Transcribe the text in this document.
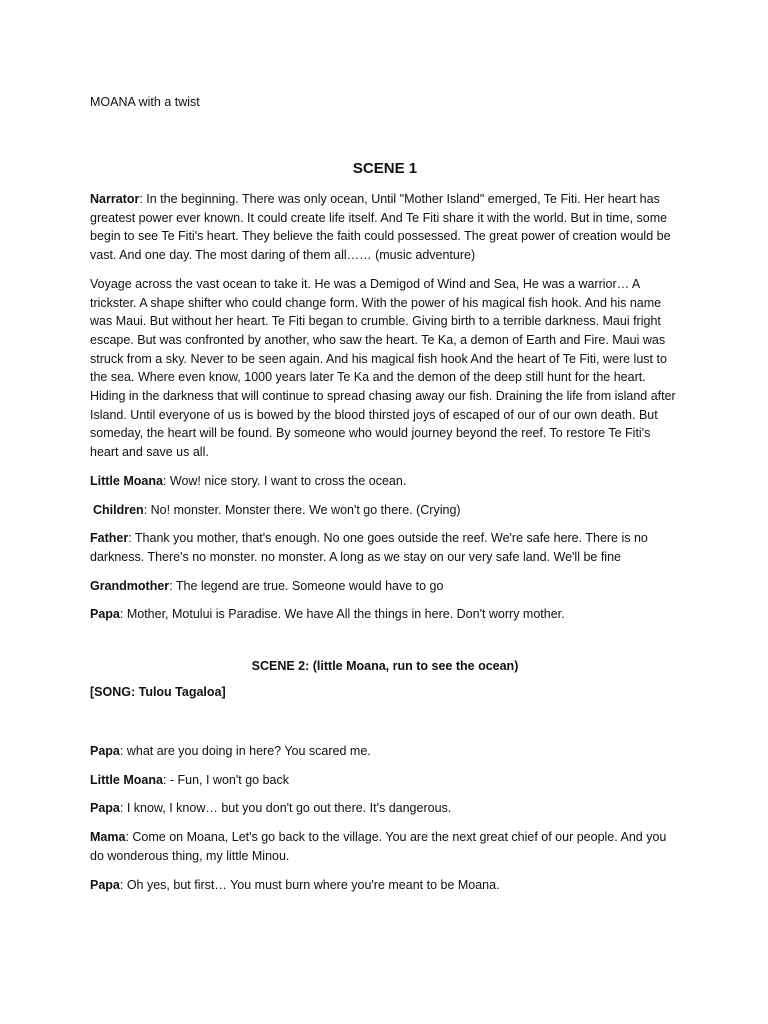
MOANA with a twist

SCENE 1

Narrator: In the beginning. There was only ocean, Until "Mother Island" emerged, Te Fiti. Her heart has greatest power ever known. It could create life itself. And Te Fiti share it with the world. But in time, some begin to see Te Fiti's heart. They believe the faith could possessed. The great power of creation would be vast. And one day. The most daring of them all…… (music adventure)

Voyage across the vast ocean to take it. He was a Demigod of Wind and Sea, He was a warrior… A trickster. A shape shifter who could change form. With the power of his magical fish hook. And his name was Maui. But without her heart. Te Fiti began to crumble. Giving birth to a terrible darkness. Maui fright escape. But was confronted by another, who saw the heart. Te Ka, a demon of Earth and Fire. Maui was struck from a sky. Never to be seen again. And his magical fish hook And the heart of Te Fiti, were lust to the sea. Where even know, 1000 years later Te Ka and the demon of the deep still hunt for the heart. Hiding in the darkness that will continue to spread chasing away our fish. Draining the life from island after Island. Until everyone of us is bowed by the blood thirsted joys of escaped of our of our own death. But someday, the heart will be found. By someone who would journey beyond the reef. To restore Te Fiti's heart and save us all.

Little Moana: Wow! nice story. I want to cross the ocean.

Children: No! monster. Monster there. We won't go there. (Crying)

Father: Thank you mother, that's enough. No one goes outside the reef. We're safe here. There is no darkness. There's no monster. no monster. A long as we stay on our very safe land. We'll be fine

Grandmother: The legend are true. Someone would have to go

Papa: Mother, Motului is Paradise. We have All the things in here. Don't worry mother.

SCENE 2: (little Moana, run to see the ocean)
[SONG: Tulou Tagaloa]

Papa: what are you doing in here? You scared me.

Little Moana: - Fun, I won't go back

Papa: I know, I know… but you don't go out there. It's dangerous.

Mama: Come on Moana, Let's go back to the village. You are the next great chief of our people. And you do wonderous thing, my little Minou.

Papa: Oh yes, but first… You must burn where you're meant to be Moana.
